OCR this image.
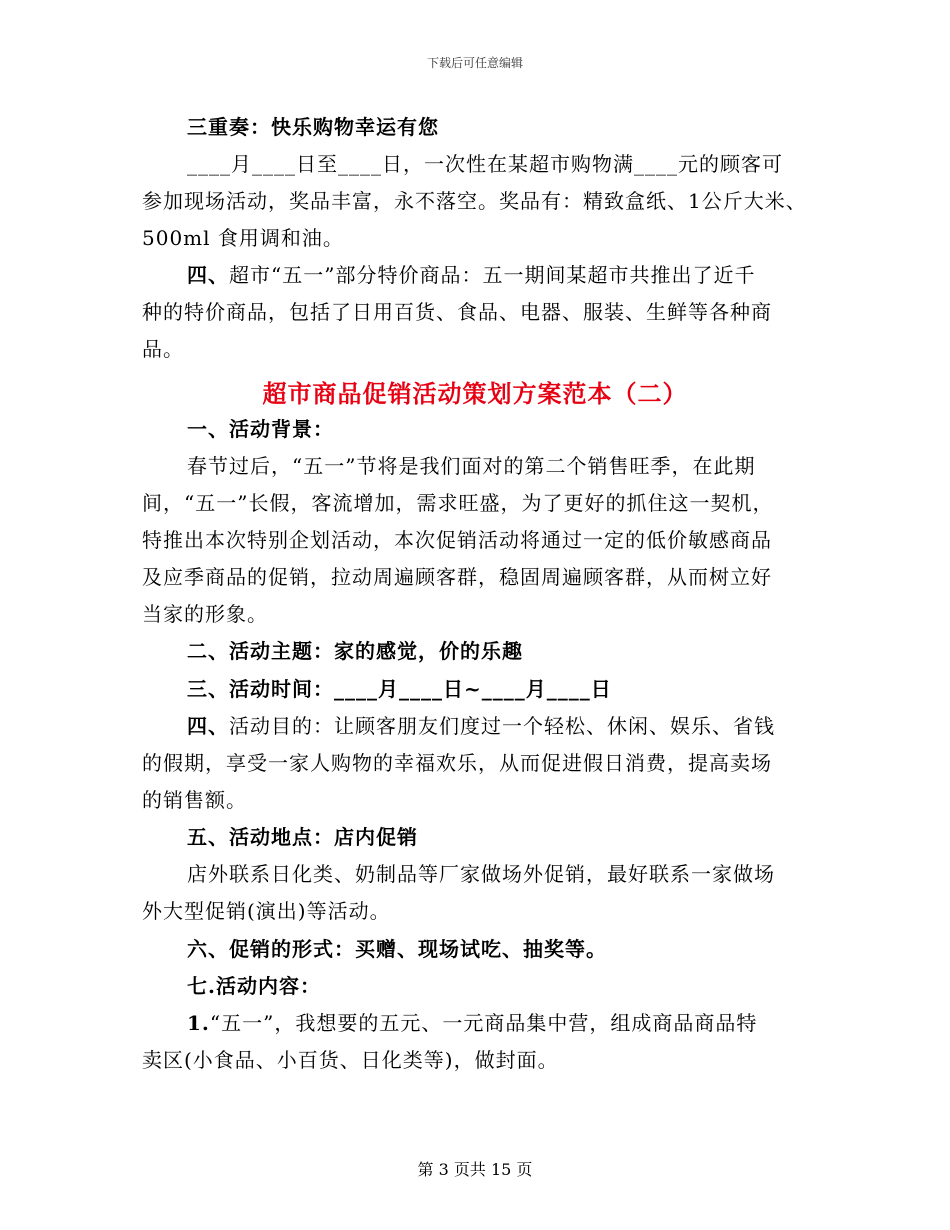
下载后可任意编辑
三重奏：快乐购物幸运有您
____月____日至____日，一次性在某超市购物满____元的顾客可
参加现场活动，奖品丰富，永不落空。奖品有：精致盒纸、1公斤大米、
500ml 食用调和油。
四、超市“五一”部分特价商品：五一期间某超市共推出了近千
种的特价商品，包括了日用百货、食品、电器、服装、生鲜等各种商
品。
超市商品促销活动策划方案范本（二）
一、活动背景：
春节过后，“五一”节将是我们面对的第二个销售旺季，在此期
间，“五一”长假，客流增加，需求旺盛，为了更好的抓住这一契机，
特推出本次特别企划活动，本次促销活动将通过一定的低价敏感商品
及应季商品的促销，拉动周遍顾客群，稳固周遍顾客群，从而树立好
当家的形象。
二、活动主题：家的感觉，价的乐趣
三、活动时间：____月____日~____月____日
四、活动目的：让顾客朋友们度过一个轻松、休闲、娱乐、省钱
的假期，享受一家人购物的幸福欢乐，从而促进假日消费，提高卖场
的销售额。
五、活动地点：店内促销
店外联系日化类、奶制品等厂家做场外促销，最好联系一家做场
外大型促销(演出)等活动。
六、促销的形式：买赠、现场试吃、抽奖等。
七.活动内容：
1.“五一”，我想要的五元、一元商品集中营，组成商品商品特
卖区(小食品、小百货、日化类等)，做封面。
第 3 页共 15 页
